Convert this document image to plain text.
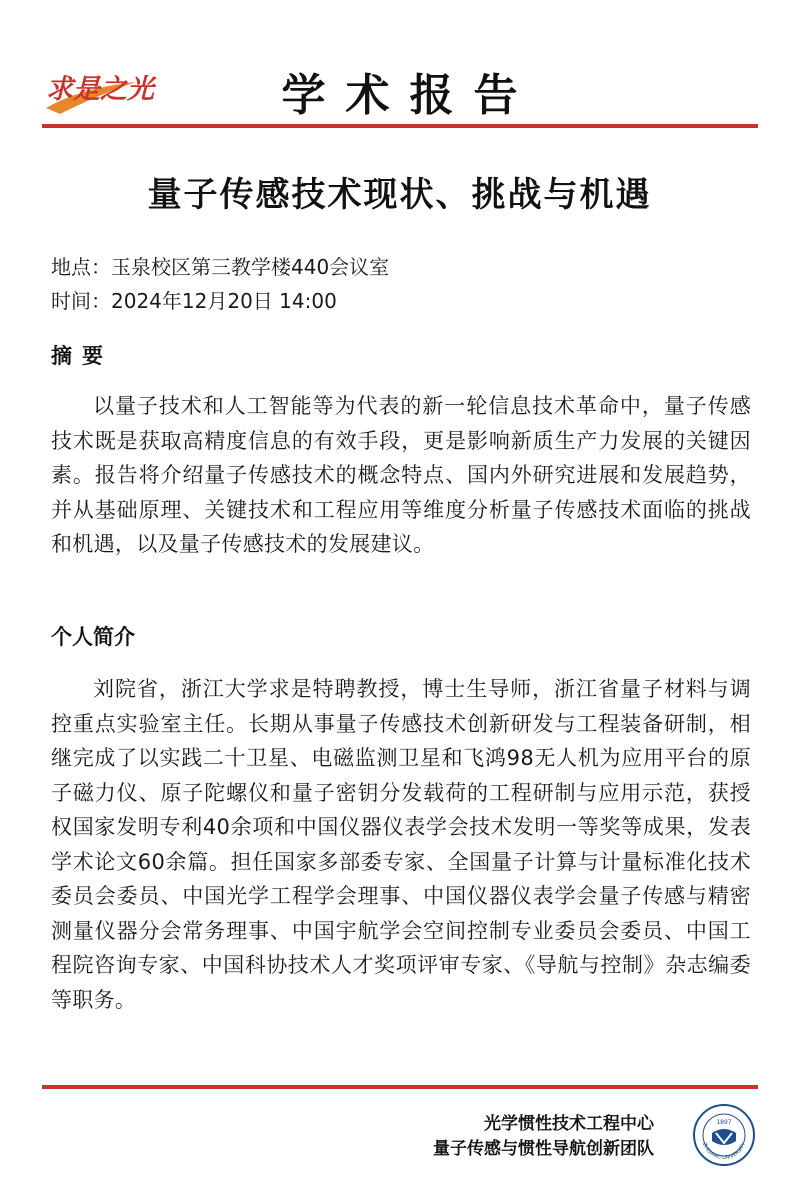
求是之光	学术报告
量子传感技术现状、挑战与机遇
地点：玉泉校区第三教学楼440会议室
时间：2024年12月20日 14:00
摘要

以量子技术和人工智能等为代表的新一轮信息技术革命中，量子传感技术既是获取高精度信息的有效手段，更是影响新质生产力发展的关键因素。报告将介绍量子传感技术的概念特点、国内外研究进展和发展趋势，并从基础原理、关键技术和工程应用等维度分析量子传感技术面临的挑战和机遇，以及量子传感技术的发展建议。

个人简介

刘院省，浙江大学求是特聘教授，博士生导师，浙江省量子材料与调控重点实验室主任。长期从事量子传感技术创新研发与工程装备研制，相继完成了以实践二十卫星、电磁监测卫星和飞鸿98无人机为应用平台的原子磁力仪、原子陀螺仪和量子密钥分发载荷的工程研制与应用示范，获授权国家发明专利40余项和中国仪器仪表学会技术发明一等奖等成果，发表学术论文60余篇。担任国家多部委专家、全国量子计算与计量标准化技术委员会委员、中国光学工程学会理事、中国仪器仪表学会量子传感与精密测量仪器分会常务理事、中国宇航学会空间控制专业委员会委员、中国工程院咨询专家、中国科协技术人才奖项评审专家、《导航与控制》杂志编委等职务。

光学惯性技术工程中心
量子传感与惯性导航创新团队
1897
ZHEJIANG UNIVERSITY
